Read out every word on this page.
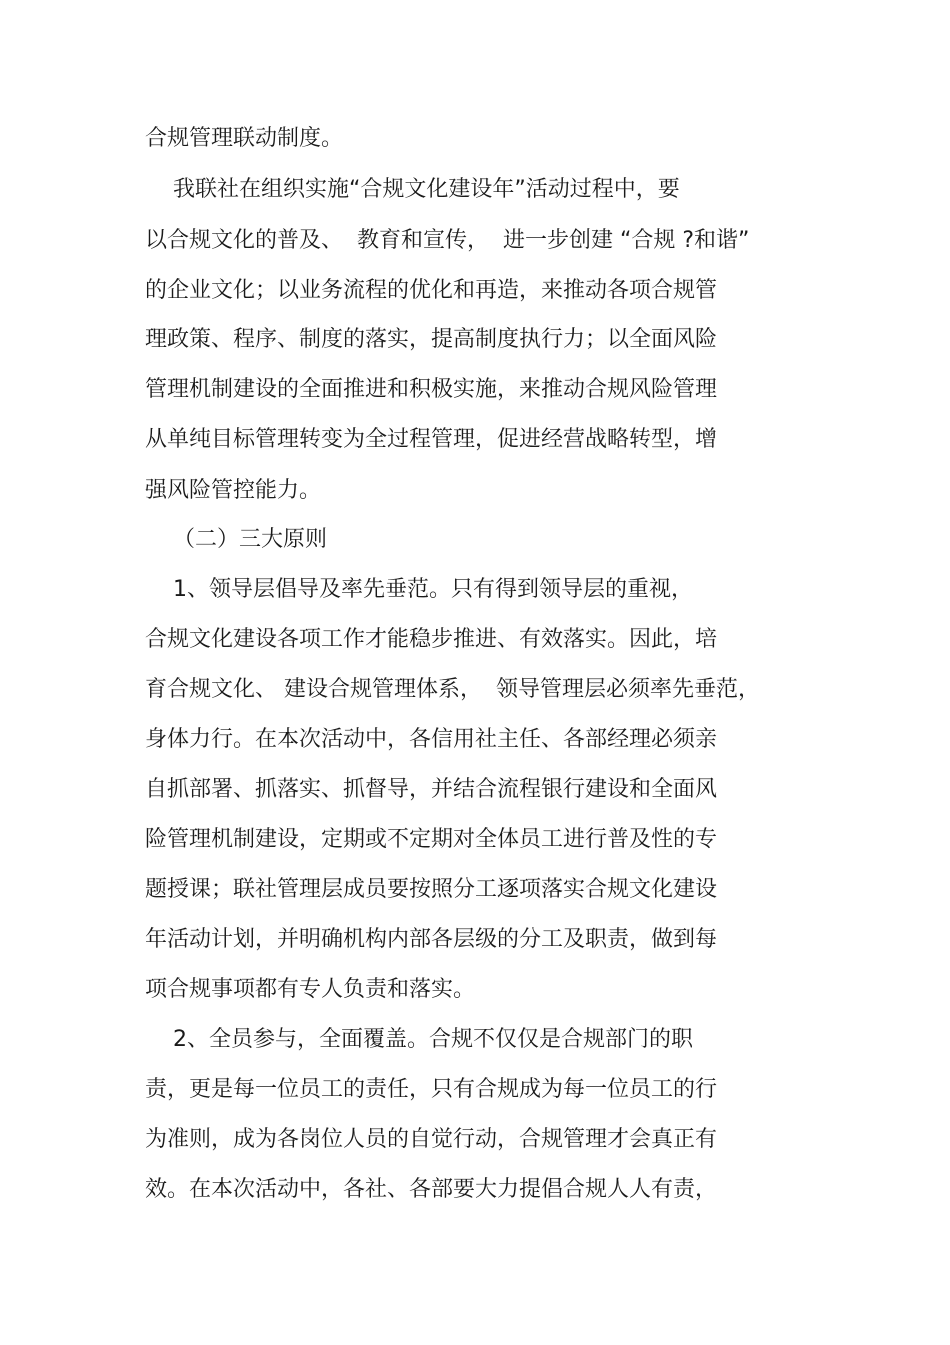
合规管理联动制度。
我联社在组织实施“合规文化建设年”活动过程中，要
以合规文化的普及、  教育和宣传，  进一步创建 “合规 ?和谐”
的企业文化；以业务流程的优化和再造，来推动各项合规管
理政策、程序、制度的落实，提高制度执行力；以全面风险
管理机制建设的全面推进和积极实施，来推动合规风险管理
从单纯目标管理转变为全过程管理，促进经营战略转型，增
强风险管控能力。
（二）三大原则
1、领导层倡导及率先垂范。只有得到领导层的重视，
合规文化建设各项工作才能稳步推进、有效落实。因此，培
育合规文化、 建设合规管理体系，  领导管理层必须率先垂范，
身体力行。在本次活动中，各信用社主任、各部经理必须亲
自抓部署、抓落实、抓督导，并结合流程银行建设和全面风
险管理机制建设，定期或不定期对全体员工进行普及性的专
题授课；联社管理层成员要按照分工逐项落实合规文化建设
年活动计划，并明确机构内部各层级的分工及职责，做到每
项合规事项都有专人负责和落实。
2、全员参与，全面覆盖。合规不仅仅是合规部门的职
责，更是每一位员工的责任，只有合规成为每一位员工的行
为准则，成为各岗位人员的自觉行动，合规管理才会真正有
效。在本次活动中，各社、各部要大力提倡合规人人有责，
